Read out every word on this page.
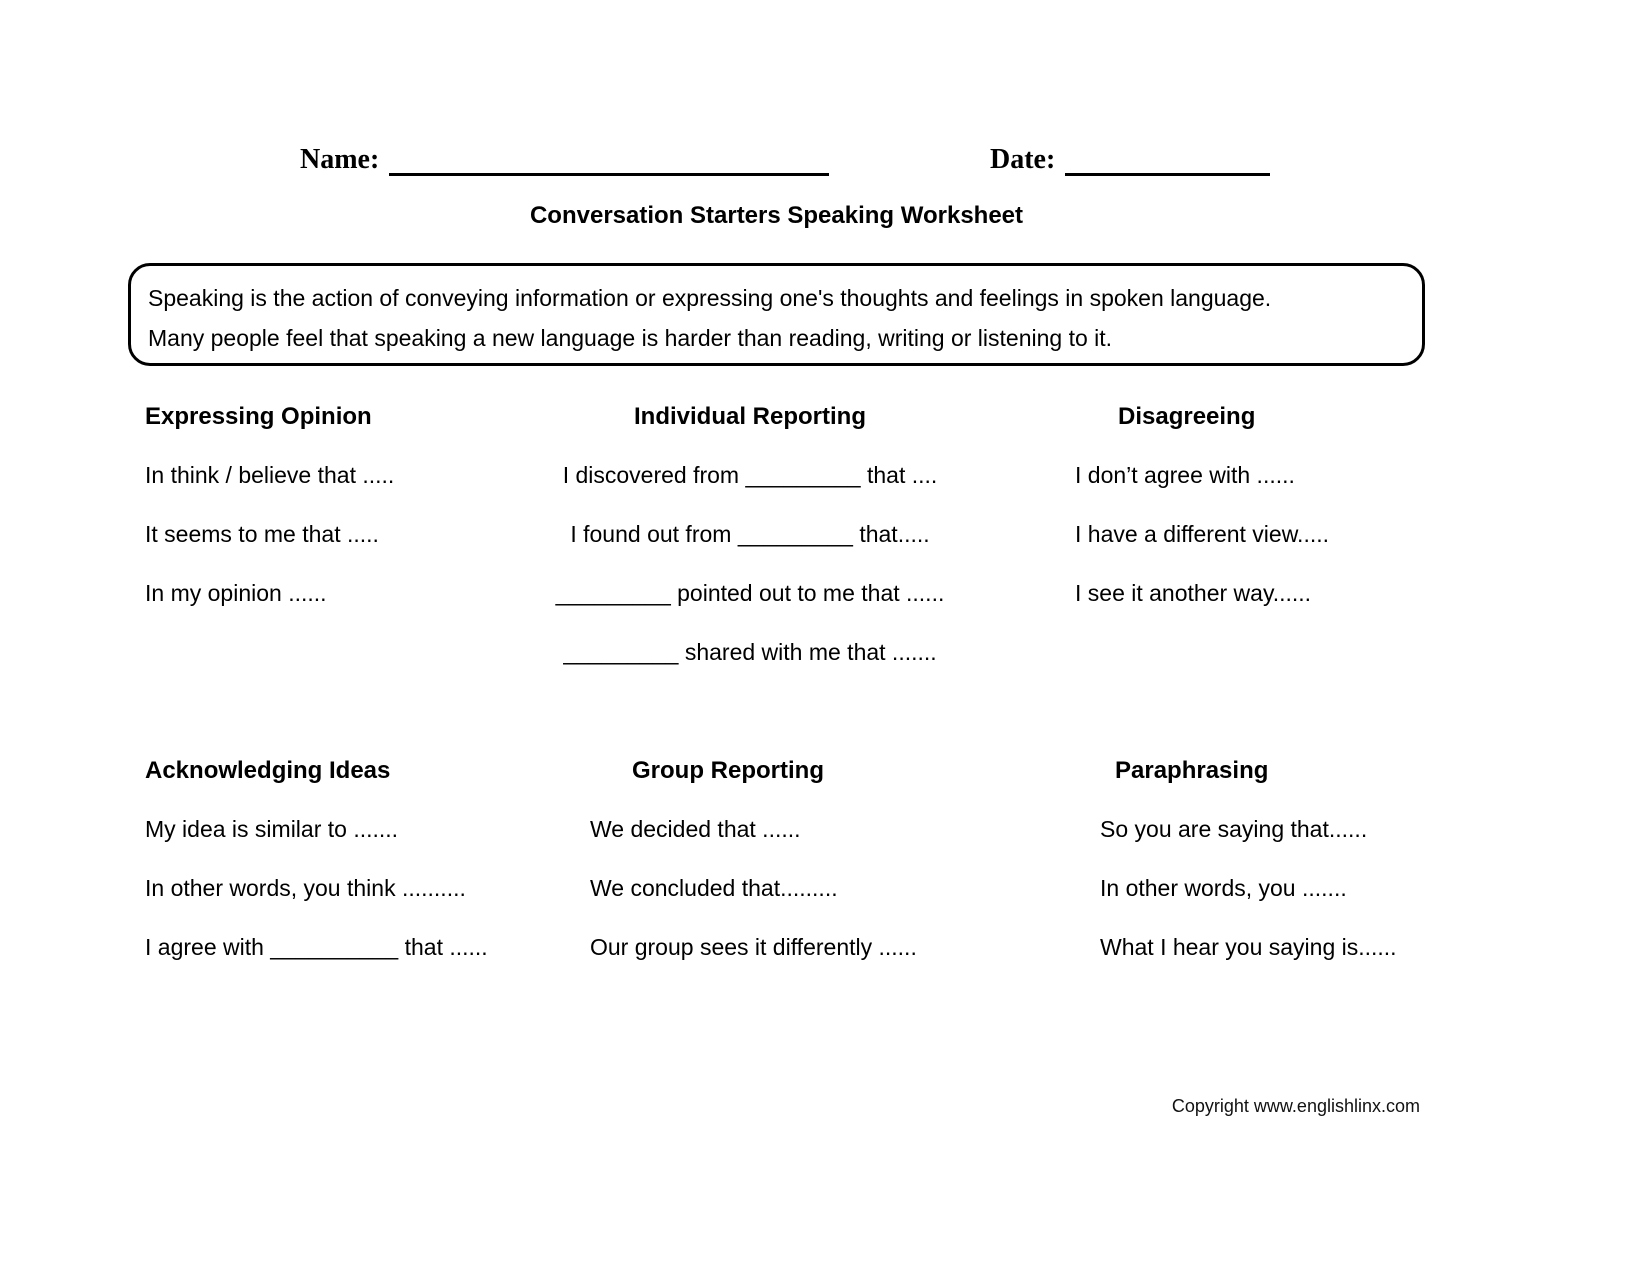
Name:	Date:
Conversation Starters Speaking Worksheet
Speaking is the action of conveying information or expressing one's thoughts and feelings in spoken language.
Many people feel that speaking a new language is harder than reading, writing or listening to it.
Expressing Opinion
In think / believe that .....
It seems to me that .....
In my opinion ......
Individual Reporting
I discovered from _________ that ....
I found out from _________ that.....
_________ pointed out to me that ......
_________ shared with me that .......
Disagreeing
I don’t agree with ......
I have a different view.....
I see it another way......
Acknowledging Ideas
My idea is similar to .......
In other words, you think ..........
I agree with __________ that ......
Group Reporting
We decided that ......
We concluded that.........
Our group sees it differently ......
Paraphrasing
So you are saying that......
In other words, you .......
What I hear you saying is......
Copyright www.englishlinx.com
